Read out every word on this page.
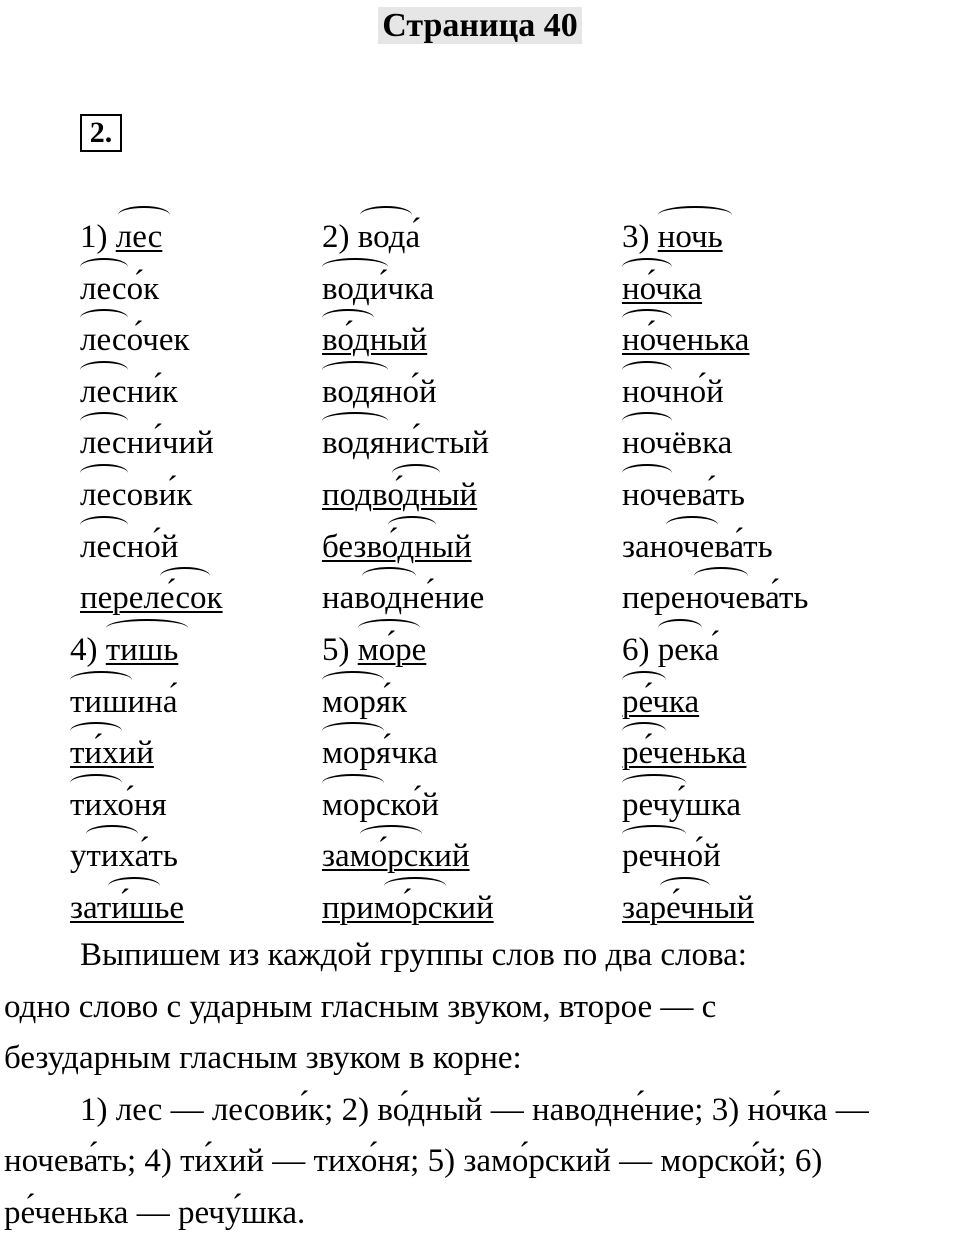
Страница 40
2.
1) лес
лесо́к
лесо́чек
лесни́к
лесни́чий
лесови́к
лесно́й
переле́сок
2) вода́
води́чка
во́дный
водяно́й
водяни́стый
подво́дный
безво́дный
наводне́ние
3) ночь
но́чка
но́ченька
ночно́й
ночёвка
ночева́ть
заночева́ть
переночева́ть
4) тишь
тишина́
ти́хий
тихо́ня
утиха́ть
зати́шье
5) мо́ре
моря́к
моря́чка
морско́й
замо́рский
примо́рский
6) река́
ре́чка
ре́ченька
речу́шка
речно́й
заре́чный

Выпишем из каждой группы слов по два слова:

одно слово с ударным гласным звуком, второе — с

безударным гласным звуком в корне:

1) лес — лесови́к; 2) во́дный — наводне́ние; 3) но́чка — ночева́ть; 4) ти́хий — тихо́ня; 5) замо́рский — морско́й; 6) ре́ченька — речу́шка.
